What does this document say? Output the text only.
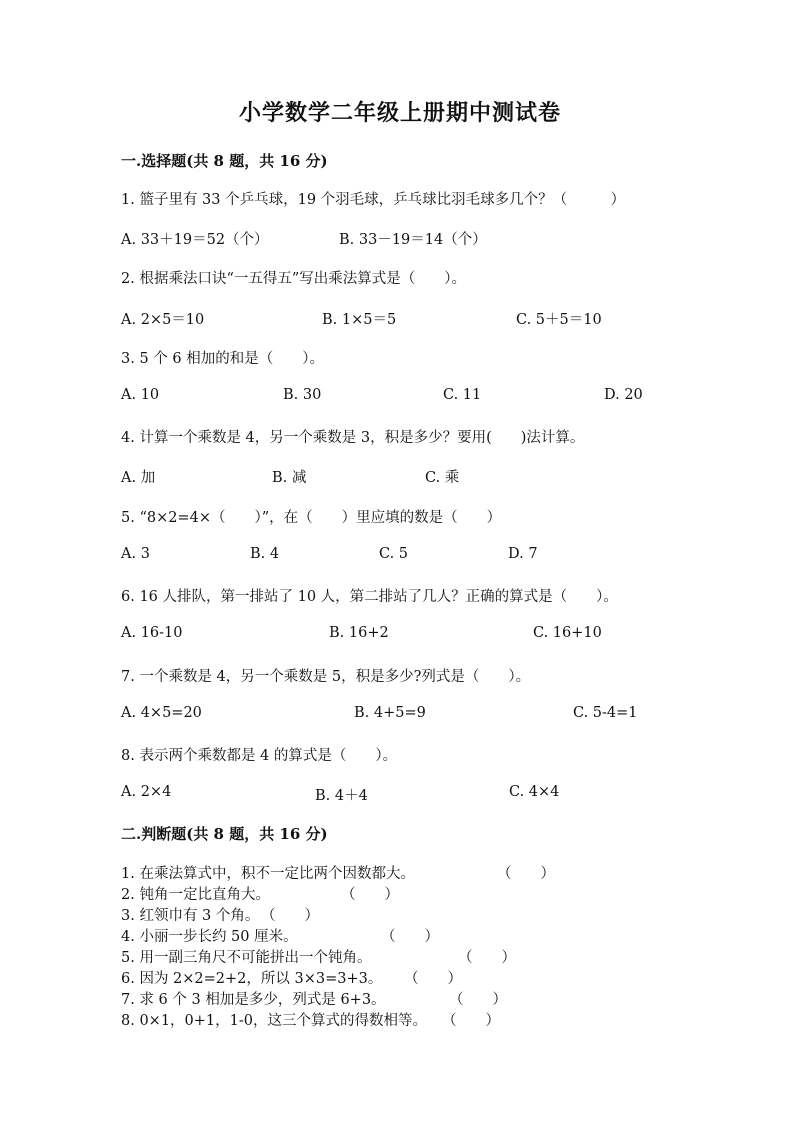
小学数学二年级上册期中测试卷
一.选择题(共 8 题，共 16 分)
1. 篮子里有 33 个乒乓球，19 个羽毛球，乒乓球比羽毛球多几个？（　　　）
A. 33＋19＝52（个）	B. 33－19＝14（个）
2. 根据乘法口诀“一五得五”写出乘法算式是（　　）。
A. 2×5＝10	B. 1×5＝5	C. 5＋5＝10
3. 5 个 6 相加的和是（　　）。
A. 10	B. 30	C. 11	D. 20
4. 计算一个乘数是 4，另一个乘数是 3，积是多少？要用(　　)法计算。
A. 加	B. 减	C. 乘
5. “8×2=4×（　　）”，在（　　）里应填的数是（　　）
A. 3	B. 4	C. 5	D. 7
6. 16 人排队，第一排站了 10 人，第二排站了几人？正确的算式是（　　）。
A. 16-10	B. 16+2	C. 16+10
7. 一个乘数是 4，另一个乘数是 5，积是多少?列式是（　　）。
A. 4×5=20	B. 4+5=9	C. 5-4=1
8. 表示两个乘数都是 4 的算式是（　　）。
A. 2×4	B. 4＋4	C. 4×4
二.判断题(共 8 题，共 16 分)
1. 在乘法算式中，积不一定比两个因数都大。	（　　）
2. 钝角一定比直角大。	（　　）
3. 红领巾有 3 个角。 （　　）
4. 小丽一步长约 50 厘米。	（　　）
5. 用一副三角尺不可能拼出一个钝角。	（　　）
6. 因为 2×2=2+2，所以 3×3=3+3。 （　　）
7. 求 6 个 3 相加是多少，列式是 6+3。	（　　）
8. 0×1，0+1，1-0，这三个算式的得数相等。 （　　）
